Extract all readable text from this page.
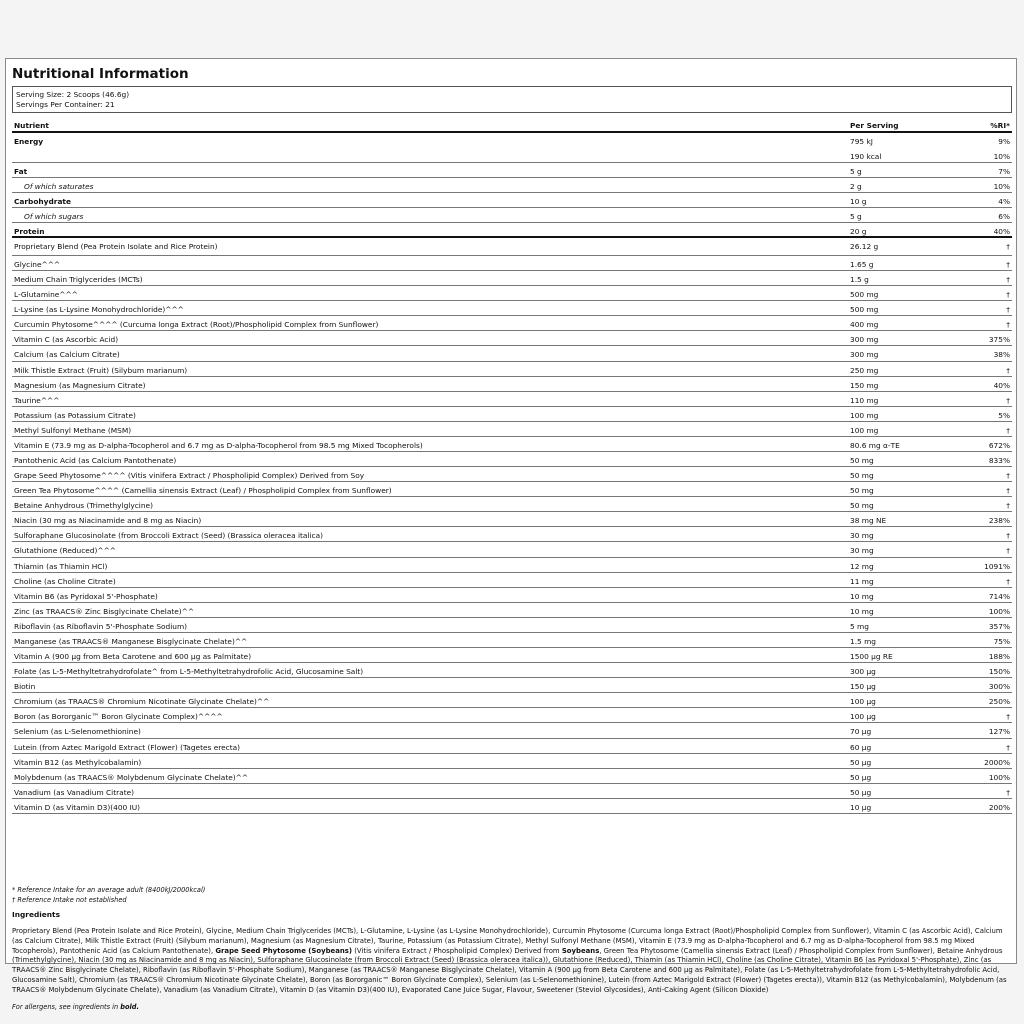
Nutritional Information
Serving Size: 2 Scoops (46.6g)
Servings Per Container: 21
Nutrient	Per Serving	%RI*
Energy	795 kJ	9%
190 kcal	10%
Fat	5 g	7%
Of which saturates	2 g	10%
Carbohydrate	10 g	4%
Of which sugars	5 g	6%
Protein	20 g	40%
Proprietary Blend (Pea Protein Isolate and Rice Protein)	26.12 g	†
Glycine^^^	1.65 g	†
Medium Chain Triglycerides (MCTs)	1.5 g	†
L-Glutamine^^^	500 mg	†
L-Lysine (as L-Lysine Monohydrochloride)^^^	500 mg	†
Curcumin Phytosome^^^^ (Curcuma longa Extract (Root)/Phospholipid Complex from Sunflower)	400 mg	†
Vitamin C (as Ascorbic Acid)	300 mg	375%
Calcium (as Calcium Citrate)	300 mg	38%
Milk Thistle Extract (Fruit) (Silybum marianum)	250 mg	†
Magnesium (as Magnesium Citrate)	150 mg	40%
Taurine^^^	110 mg	†
Potassium (as Potassium Citrate)	100 mg	5%
Methyl Sulfonyl Methane (MSM)	100 mg	†
Vitamin E (73.9 mg as D-alpha-Tocopherol and 6.7 mg as D-alpha-Tocopherol from 98.5 mg Mixed Tocopherols)	80.6 mg α-TE	672%
Pantothenic Acid (as Calcium Pantothenate)	50 mg	833%
Grape Seed Phytosome^^^^ (Vitis vinifera Extract / Phospholipid Complex) Derived from Soy	50 mg	†
Green Tea Phytosome^^^^ (Camellia sinensis Extract (Leaf) / Phospholipid Complex from Sunflower)	50 mg	†
Betaine Anhydrous (Trimethylglycine)	50 mg	†
Niacin (30 mg as Niacinamide and 8 mg as Niacin)	38 mg NE	238%
Sulforaphane Glucosinolate (from Broccoli Extract (Seed) (Brassica oleracea italica)	30 mg	†
Glutathione (Reduced)^^^	30 mg	†
Thiamin (as Thiamin HCl)	12 mg	1091%
Choline (as Choline Citrate)	11 mg	†
Vitamin B6 (as Pyridoxal 5'-Phosphate)	10 mg	714%
Zinc (as TRAACS® Zinc Bisglycinate Chelate)^^	10 mg	100%
Riboflavin (as Riboflavin 5'-Phosphate Sodium)	5 mg	357%
Manganese (as TRAACS® Manganese Bisglycinate Chelate)^^	1.5 mg	75%
Vitamin A (900 μg from Beta Carotene and 600 μg as Palmitate)	1500 μg RE	188%
Folate (as L-5-Methyltetrahydrofolate^ from L-5-Methyltetrahydrofolic Acid, Glucosamine Salt)	300 μg	150%
Biotin	150 μg	300%
Chromium (as TRAACS® Chromium Nicotinate Glycinate Chelate)^^	100 μg	250%
Boron (as Bororganic™ Boron Glycinate Complex)^^^^	100 μg	†
Selenium (as L-Selenomethionine)	70 μg	127%
Lutein (from Aztec Marigold Extract (Flower) (Tagetes erecta)	60 μg	†
Vitamin B12 (as Methylcobalamin)	50 μg	2000%
Molybdenum (as TRAACS® Molybdenum Glycinate Chelate)^^	50 μg	100%
Vanadium (as Vanadium Citrate)	50 μg	†
Vitamin D (as Vitamin D3)(400 IU)	10 μg	200%
* Reference Intake for an average adult (8400kJ/2000kcal)
† Reference Intake not established
Ingredients
Proprietary Blend (Pea Protein Isolate and Rice Protein), Glycine, Medium Chain Triglycerides (MCTs), L-Glutamine, L-Lysine (as L-Lysine Monohydrochloride), Curcumin Phytosome (Curcuma longa Extract (Root)/Phospholipid Complex from Sunflower), Vitamin C (as Ascorbic Acid), Calcium (as Calcium Citrate), Milk Thistle Extract (Fruit) (Silybum marianum), Magnesium (as Magnesium Citrate), Taurine, Potassium (as Potassium Citrate), Methyl Sulfonyl Methane (MSM), Vitamin E (73.9 mg as D-alpha-Tocopherol and 6.7 mg as D-alpha-Tocopherol from 98.5 mg Mixed Tocopherols), Pantothenic Acid (as Calcium Pantothenate), Grape Seed Phytosome (Soybeans) (Vitis vinifera Extract / Phospholipid Complex) Derived from Soybeans, Green Tea Phytosome (Camellia sinensis Extract (Leaf) / Phospholipid Complex from Sunflower), Betaine Anhydrous (Trimethylglycine), Niacin (30 mg as Niacinamide and 8 mg as Niacin), Sulforaphane Glucosinolate (from Broccoli Extract (Seed) (Brassica oleracea italica)), Glutathione (Reduced), Thiamin (as Thiamin HCl), Choline (as Choline Citrate), Vitamin B6 (as Pyridoxal 5'-Phosphate), Zinc (as TRAACS® Zinc Bisglycinate Chelate), Riboflavin (as Riboflavin 5'-Phosphate Sodium), Manganese (as TRAACS® Manganese Bisglycinate Chelate), Vitamin A (900 μg from Beta Carotene and 600 μg as Palmitate), Folate (as L-5-Methyltetrahydrofolate from L-5-Methyltetrahydrofolic Acid, Glucosamine Salt), Chromium (as TRAACS® Chromium Nicotinate Glycinate Chelate), Boron (as Bororganic™ Boron Glycinate Complex), Selenium (as L-Selenomethionine), Lutein (from Aztec Marigold Extract (Flower) (Tagetes erecta)), Vitamin B12 (as Methylcobalamin), Molybdenum (as TRAACS® Molybdenum Glycinate Chelate), Vanadium (as Vanadium Citrate), Vitamin D (as Vitamin D3)(400 IU), Evaporated Cane Juice Sugar, Flavour, Sweetener (Steviol Glycosides), Anti-Caking Agent (Silicon Dioxide)
For allergens, see ingredients in bold.
